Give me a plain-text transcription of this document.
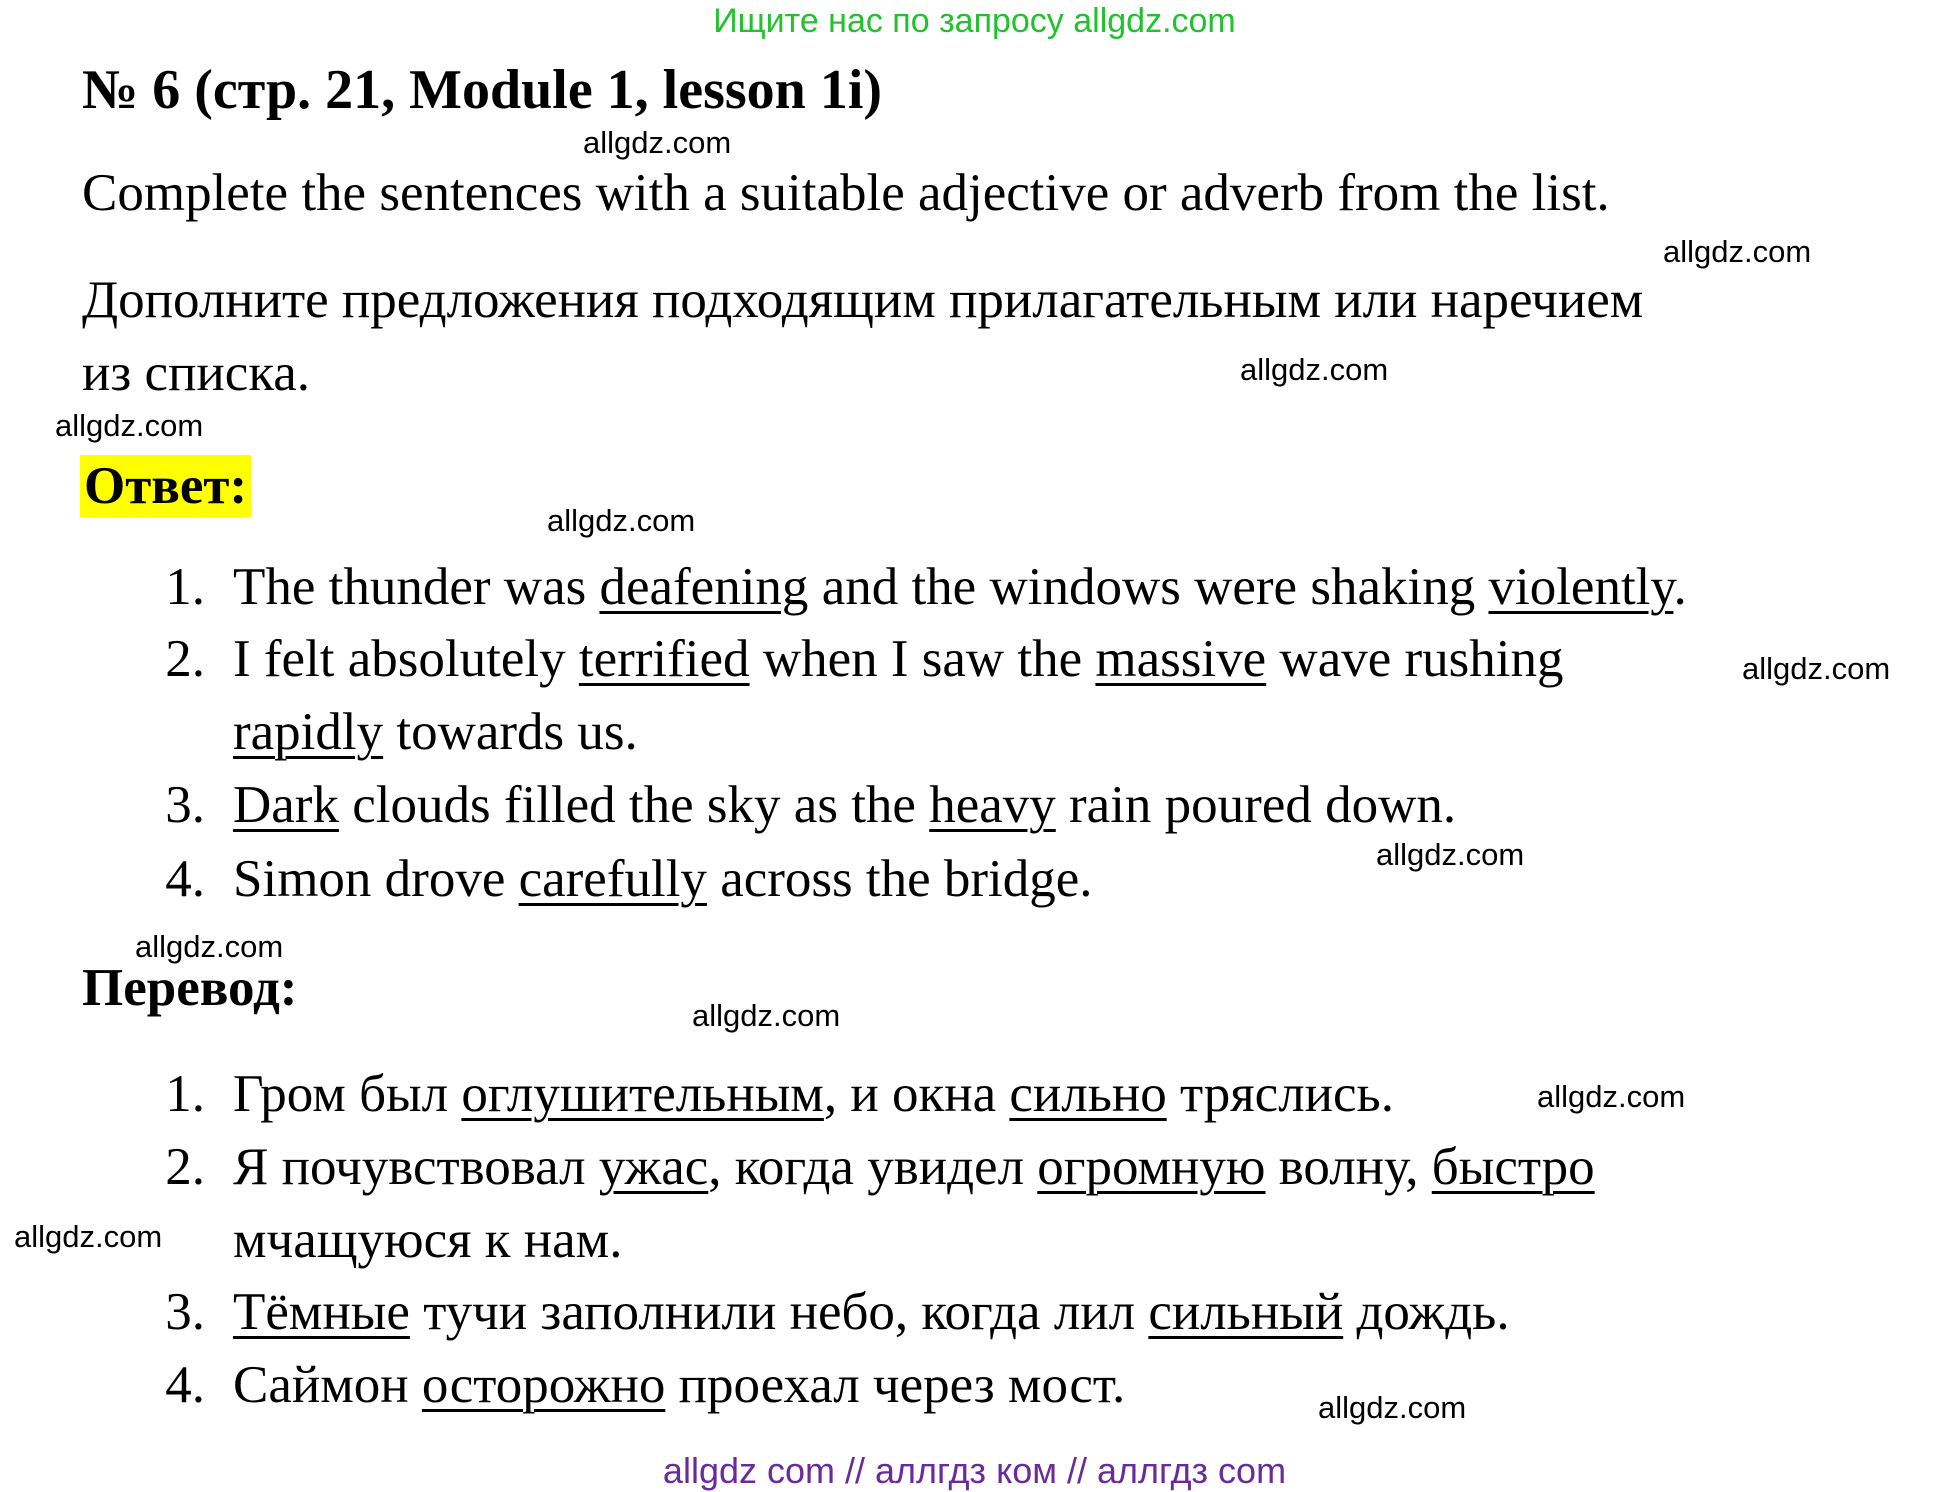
Ищите нас по запросу allgdz.com
№ 6 (стр. 21, Module 1, lesson 1i)
Complete the sentences with a suitable adjective or adverb from the list.
Дополните предложения подходящим прилагательным или наречием
из списка.
Ответ:
1. The thunder was deafening and the windows were shaking violently.
2. I felt absolutely terrified when I saw the massive wave rushing
rapidly towards us.
3. Dark clouds filled the sky as the heavy rain poured down.
4. Simon drove carefully across the bridge.
Перевод:
1. Гром был оглушительным, и окна сильно тряслись.
2. Я почувствовал ужас, когда увидел огромную волну, быстро
мчащуюся к нам.
3. Тёмные тучи заполнили небо, когда лил сильный дождь.
4. Саймон осторожно проехал через мост.
allgdz.com
allgdz.com
allgdz.com
allgdz.com
allgdz.com
allgdz.com
allgdz.com
allgdz.com
allgdz.com
allgdz.com
allgdz.com
allgdz.com
allgdz com // аллгдз ком // аллгдз com
